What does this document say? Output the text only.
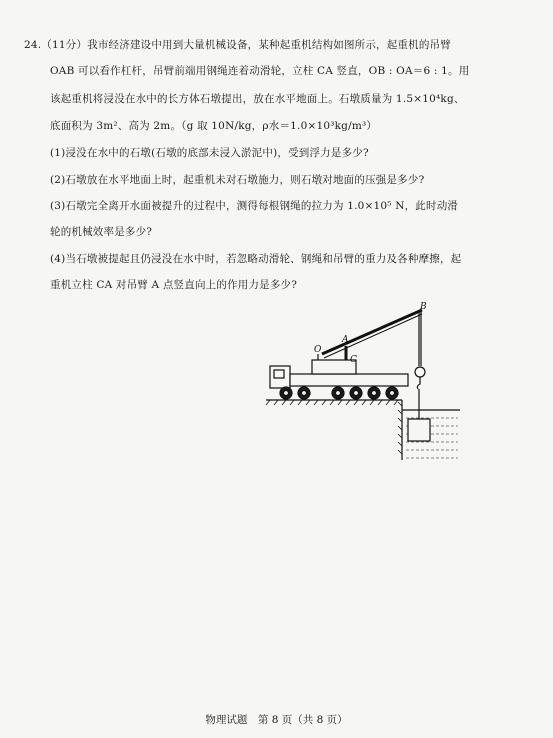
24.（11分）我市经济建设中用到大量机械设备，某种起重机结构如图所示，起重机的吊臂
OAB 可以看作杠杆，吊臂前端用钢绳连着动滑轮，立柱 CA 竖直，OB : OA＝6 : 1。用
该起重机将浸没在水中的长方体石墩提出，放在水平地面上。石墩质量为 1.5×10⁴kg、
底面积为 3m²、高为 2m。（g 取 10N/kg，ρ水＝1.0×10³kg/m³）
(1)浸没在水中的石墩(石墩的底部未浸入淤泥中)，受到浮力是多少?
(2)石墩放在水平地面上时，起重机未对石墩施力，则石墩对地面的压强是多少?
(3)石墩完全离开水面被提升的过程中，测得每根钢绳的拉力为 1.0×10⁵ N，此时动滑
轮的机械效率是多少?
(4)当石墩被提起且仍浸没在水中时，若忽略动滑轮、钢绳和吊臂的重力及各种摩擦，起
重机立柱 CA 对吊臂 A 点竖直向上的作用力是多少?
O
A
B
C
物理试题　第 8 页（共 8 页）
